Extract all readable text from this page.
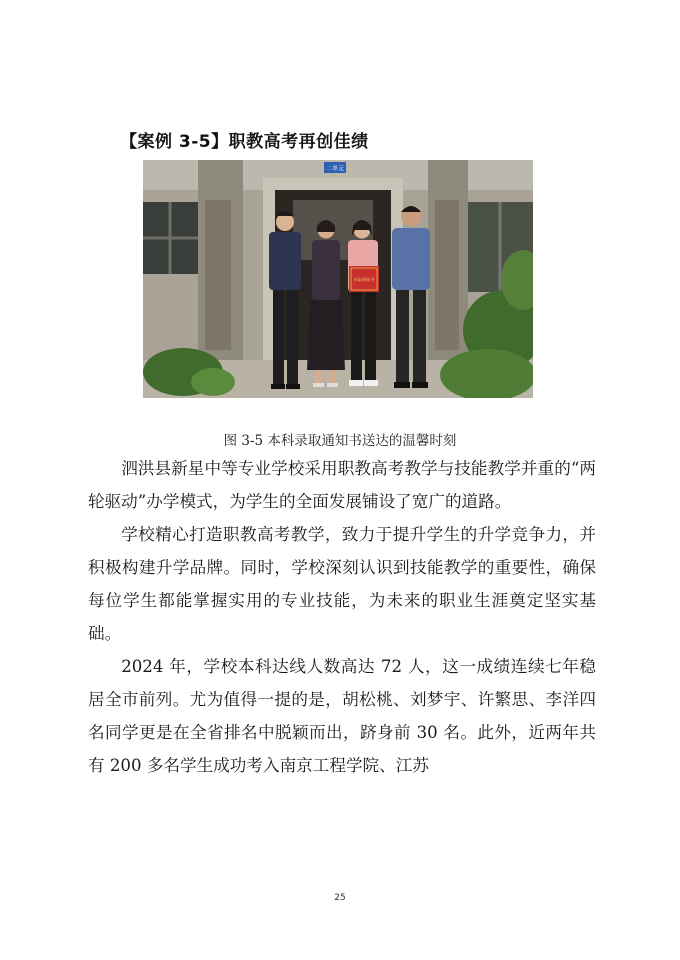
【案例 3-5】职教高考再创佳绩
二单元
录取通知书
图 3-5 本科录取通知书送达的温馨时刻

泗洪县新星中等专业学校采用职教高考教学与技能教学并重的“两轮驱动”办学模式，为学生的全面发展铺设了宽广的道路。

学校精心打造职教高考教学，致力于提升学生的升学竞争力，并积极构建升学品牌。同时，学校深刻认识到技能教学的重要性，确保每位学生都能掌握实用的专业技能，为未来的职业生涯奠定坚实基础。

2024 年，学校本科达线人数高达 72 人，这一成绩连续七年稳居全市前列。尤为值得一提的是，胡松桃、刘梦宇、许繁思、李洋四名同学更是在全省排名中脱颖而出，跻身前 30 名。此外，近两年共有 200 多名学生成功考入南京工程学院、江苏

25
